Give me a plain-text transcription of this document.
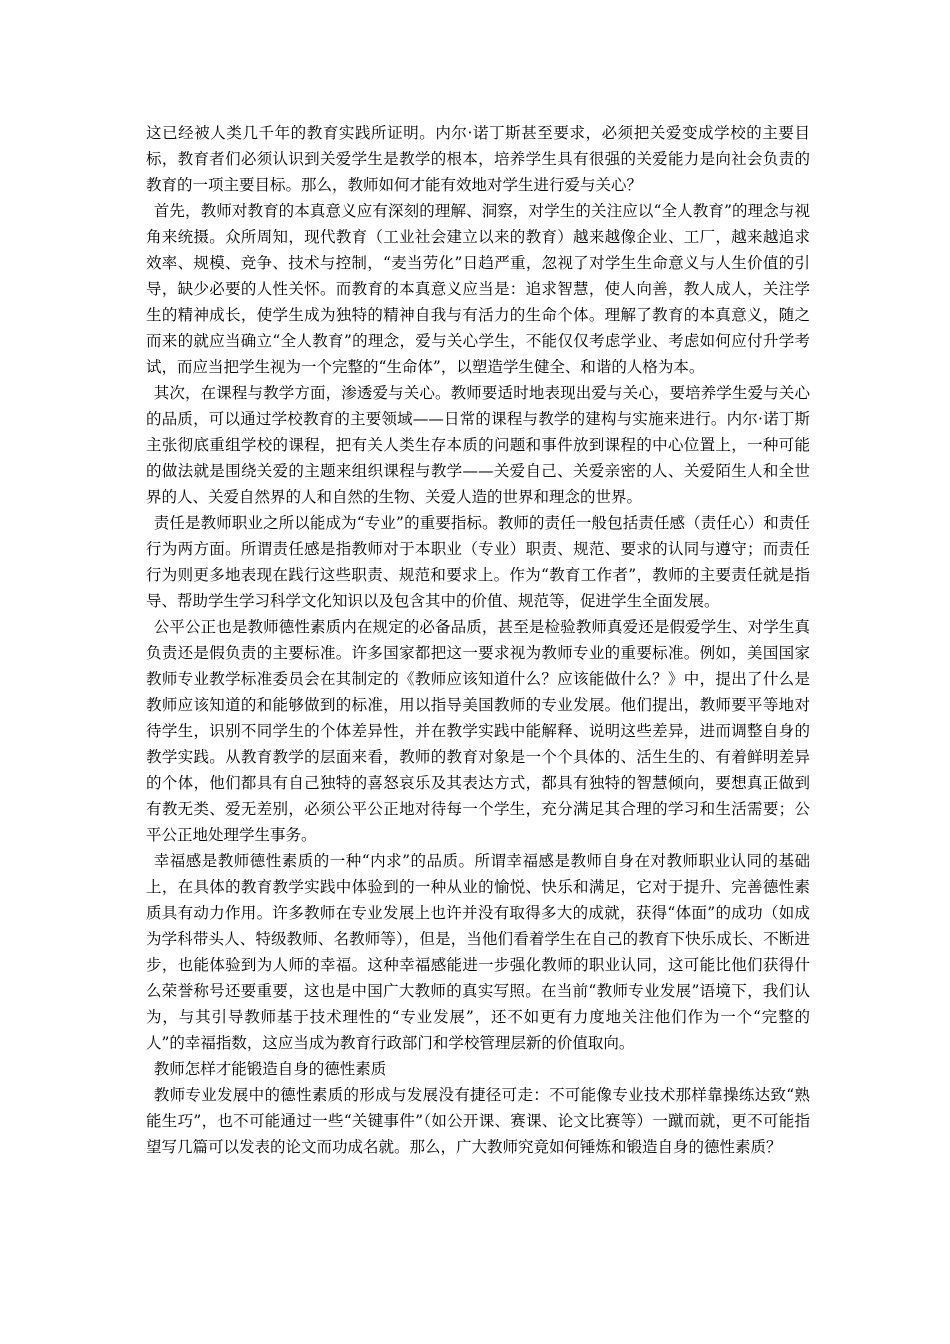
这已经被人类几千年的教育实践所证明。内尔·诺丁斯甚至要求，必须把关爱变成学校的主要目标，教育者们必须认识到关爱学生是教学的根本，培养学生具有很强的关爱能力是向社会负责的教育的一项主要目标。那么，教师如何才能有效地对学生进行爱与关心？

首先，教师对教育的本真意义应有深刻的理解、洞察，对学生的关注应以“全人教育”的理念与视角来统摄。众所周知，现代教育（工业社会建立以来的教育）越来越像企业、工厂，越来越追求效率、规模、竞争、技术与控制，“麦当劳化”日趋严重，忽视了对学生生命意义与人生价值的引导，缺少必要的人性关怀。而教育的本真意义应当是：追求智慧，使人向善，教人成人，关注学生的精神成长，使学生成为独特的精神自我与有活力的生命个体。理解了教育的本真意义，随之而来的就应当确立“全人教育”的理念，爱与关心学生，不能仅仅考虑学业、考虑如何应付升学考试，而应当把学生视为一个完整的“生命体”，以塑造学生健全、和谐的人格为本。

其次，在课程与教学方面，渗透爱与关心。教师要适时地表现出爱与关心，要培养学生爱与关心的品质，可以通过学校教育的主要领域——日常的课程与教学的建构与实施来进行。内尔·诺丁斯主张彻底重组学校的课程，把有关人类生存本质的问题和事件放到课程的中心位置上，一种可能的做法就是围绕关爱的主题来组织课程与教学——关爱自己、关爱亲密的人、关爱陌生人和全世界的人、关爱自然界的人和自然的生物、关爱人造的世界和理念的世界。

责任是教师职业之所以能成为“专业”的重要指标。教师的责任一般包括责任感（责任心）和责任行为两方面。所谓责任感是指教师对于本职业（专业）职责、规范、要求的认同与遵守；而责任行为则更多地表现在践行这些职责、规范和要求上。作为“教育工作者”，教师的主要责任就是指导、帮助学生学习科学文化知识以及包含其中的价值、规范等，促进学生全面发展。

公平公正也是教师德性素质内在规定的必备品质，甚至是检验教师真爱还是假爱学生、对学生真负责还是假负责的主要标准。许多国家都把这一要求视为教师专业的重要标准。例如，美国国家教师专业教学标准委员会在其制定的《教师应该知道什么？应该能做什么？》中，提出了什么是教师应该知道的和能够做到的标准，用以指导美国教师的专业发展。他们提出，教师要平等地对待学生，识别不同学生的个体差异性，并在教学实践中能解释、说明这些差异，进而调整自身的教学实践。从教育教学的层面来看，教师的教育对象是一个个具体的、活生生的、有着鲜明差异的个体，他们都具有自己独特的喜怒哀乐及其表达方式，都具有独特的智慧倾向，要想真正做到有教无类、爱无差别，必须公平公正地对待每一个学生，充分满足其合理的学习和生活需要；公平公正地处理学生事务。

幸福感是教师德性素质的一种“内求”的品质。所谓幸福感是教师自身在对教师职业认同的基础上，在具体的教育教学实践中体验到的一种从业的愉悦、快乐和满足，它对于提升、完善德性素质具有动力作用。许多教师在专业发展上也许并没有取得多大的成就，获得“体面”的成功（如成为学科带头人、特级教师、名教师等），但是，当他们看着学生在自己的教育下快乐成长、不断进步，也能体验到为人师的幸福。这种幸福感能进一步强化教师的职业认同，这可能比他们获得什么荣誉称号还要重要，这也是中国广大教师的真实写照。在当前“教师专业发展”语境下，我们认为，与其引导教师基于技术理性的“专业发展”，还不如更有力度地关注他们作为一个“完整的人”的幸福指数，这应当成为教育行政部门和学校管理层新的价值取向。

教师怎样才能锻造自身的德性素质

教师专业发展中的德性素质的形成与发展没有捷径可走：不可能像专业技术那样靠操练达致“熟能生巧”，也不可能通过一些“关键事件”（如公开课、赛课、论文比赛等）一蹴而就，更不可能指望写几篇可以发表的论文而功成名就。那么，广大教师究竟如何锤炼和锻造自身的德性素质？
